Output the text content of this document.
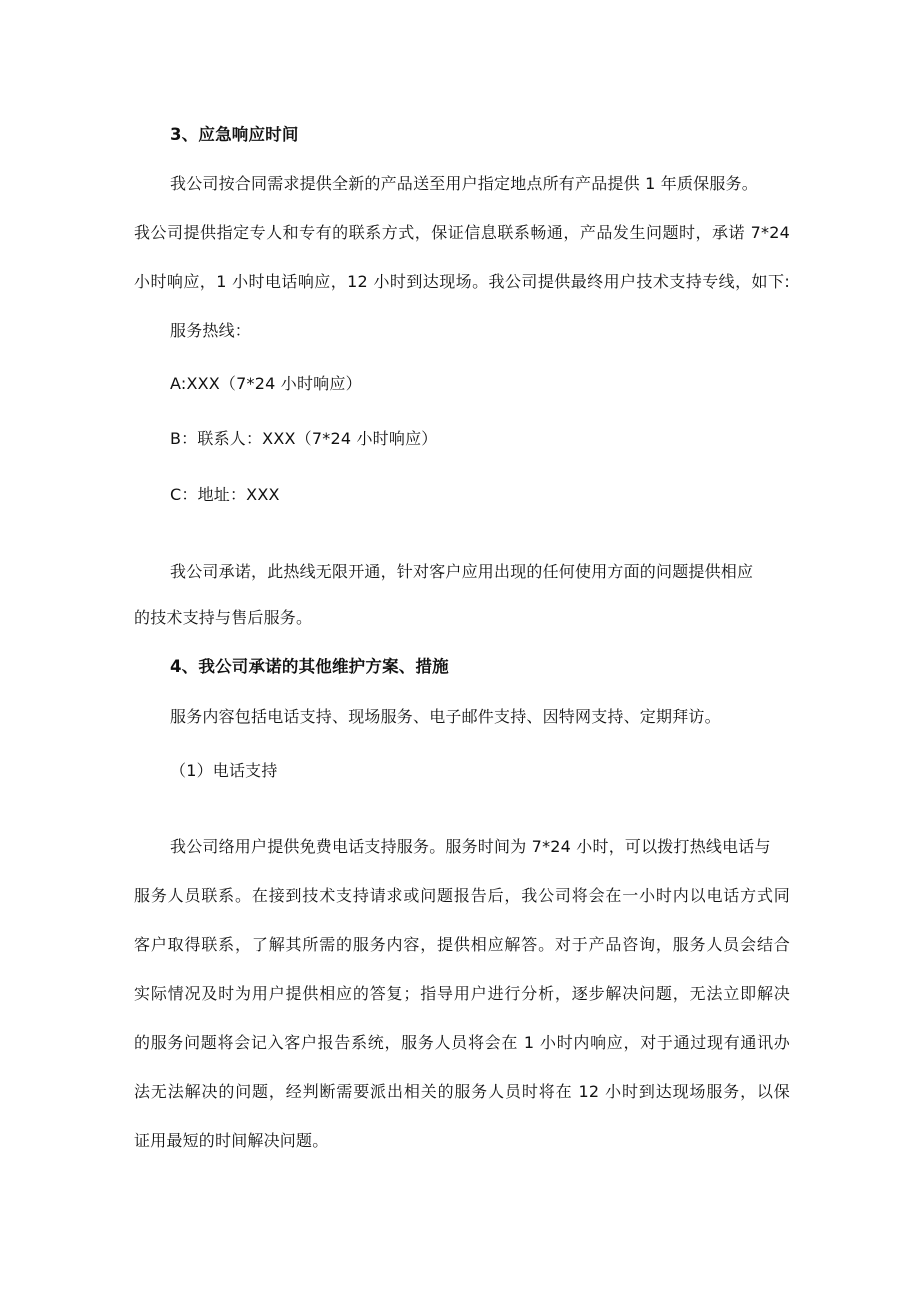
3、应急响应时间

我公司按合同需求提供全新的产品送至用户指定地点所有产品提供 1 年质保服务。

我公司提供指定专人和专有的联系方式，保证信息联系畅通，产品发生问题时，承诺 7*24

小时响应，1 小时电话响应，12 小时到达现场。我公司提供最终用户技术支持专线，如下:

服务热线：

A:XXX（7*24 小时响应）

B：联系人：XXX（7*24 小时响应）

C：地址：XXX

我公司承诺，此热线无限开通，针对客户应用出现的任何使用方面的问题提供相应

的技术支持与售后服务。

4、我公司承诺的其他维护方案、措施

服务内容包括电话支持、现场服务、电子邮件支持、因特网支持、定期拜访。

（1）电话支持

我公司络用户提供免费电话支持服务。服务时间为 7*24 小时，可以拨打热线电话与

服务人员联系。在接到技术支持请求或问题报告后，我公司将会在一小时内以电话方式同

客户取得联系，了解其所需的服务内容，提供相应解答。对于产品咨询，服务人员会结合

实际情况及时为用户提供相应的答复；指导用户进行分析，逐步解决问题，无法立即解决

的服务问题将会记入客户报告系统，服务人员将会在 1 小时内响应，对于通过现有通讯办

法无法解决的问题，经判断需要派出相关的服务人员时将在 12 小时到达现场服务，以保

证用最短的时间解决问题。
